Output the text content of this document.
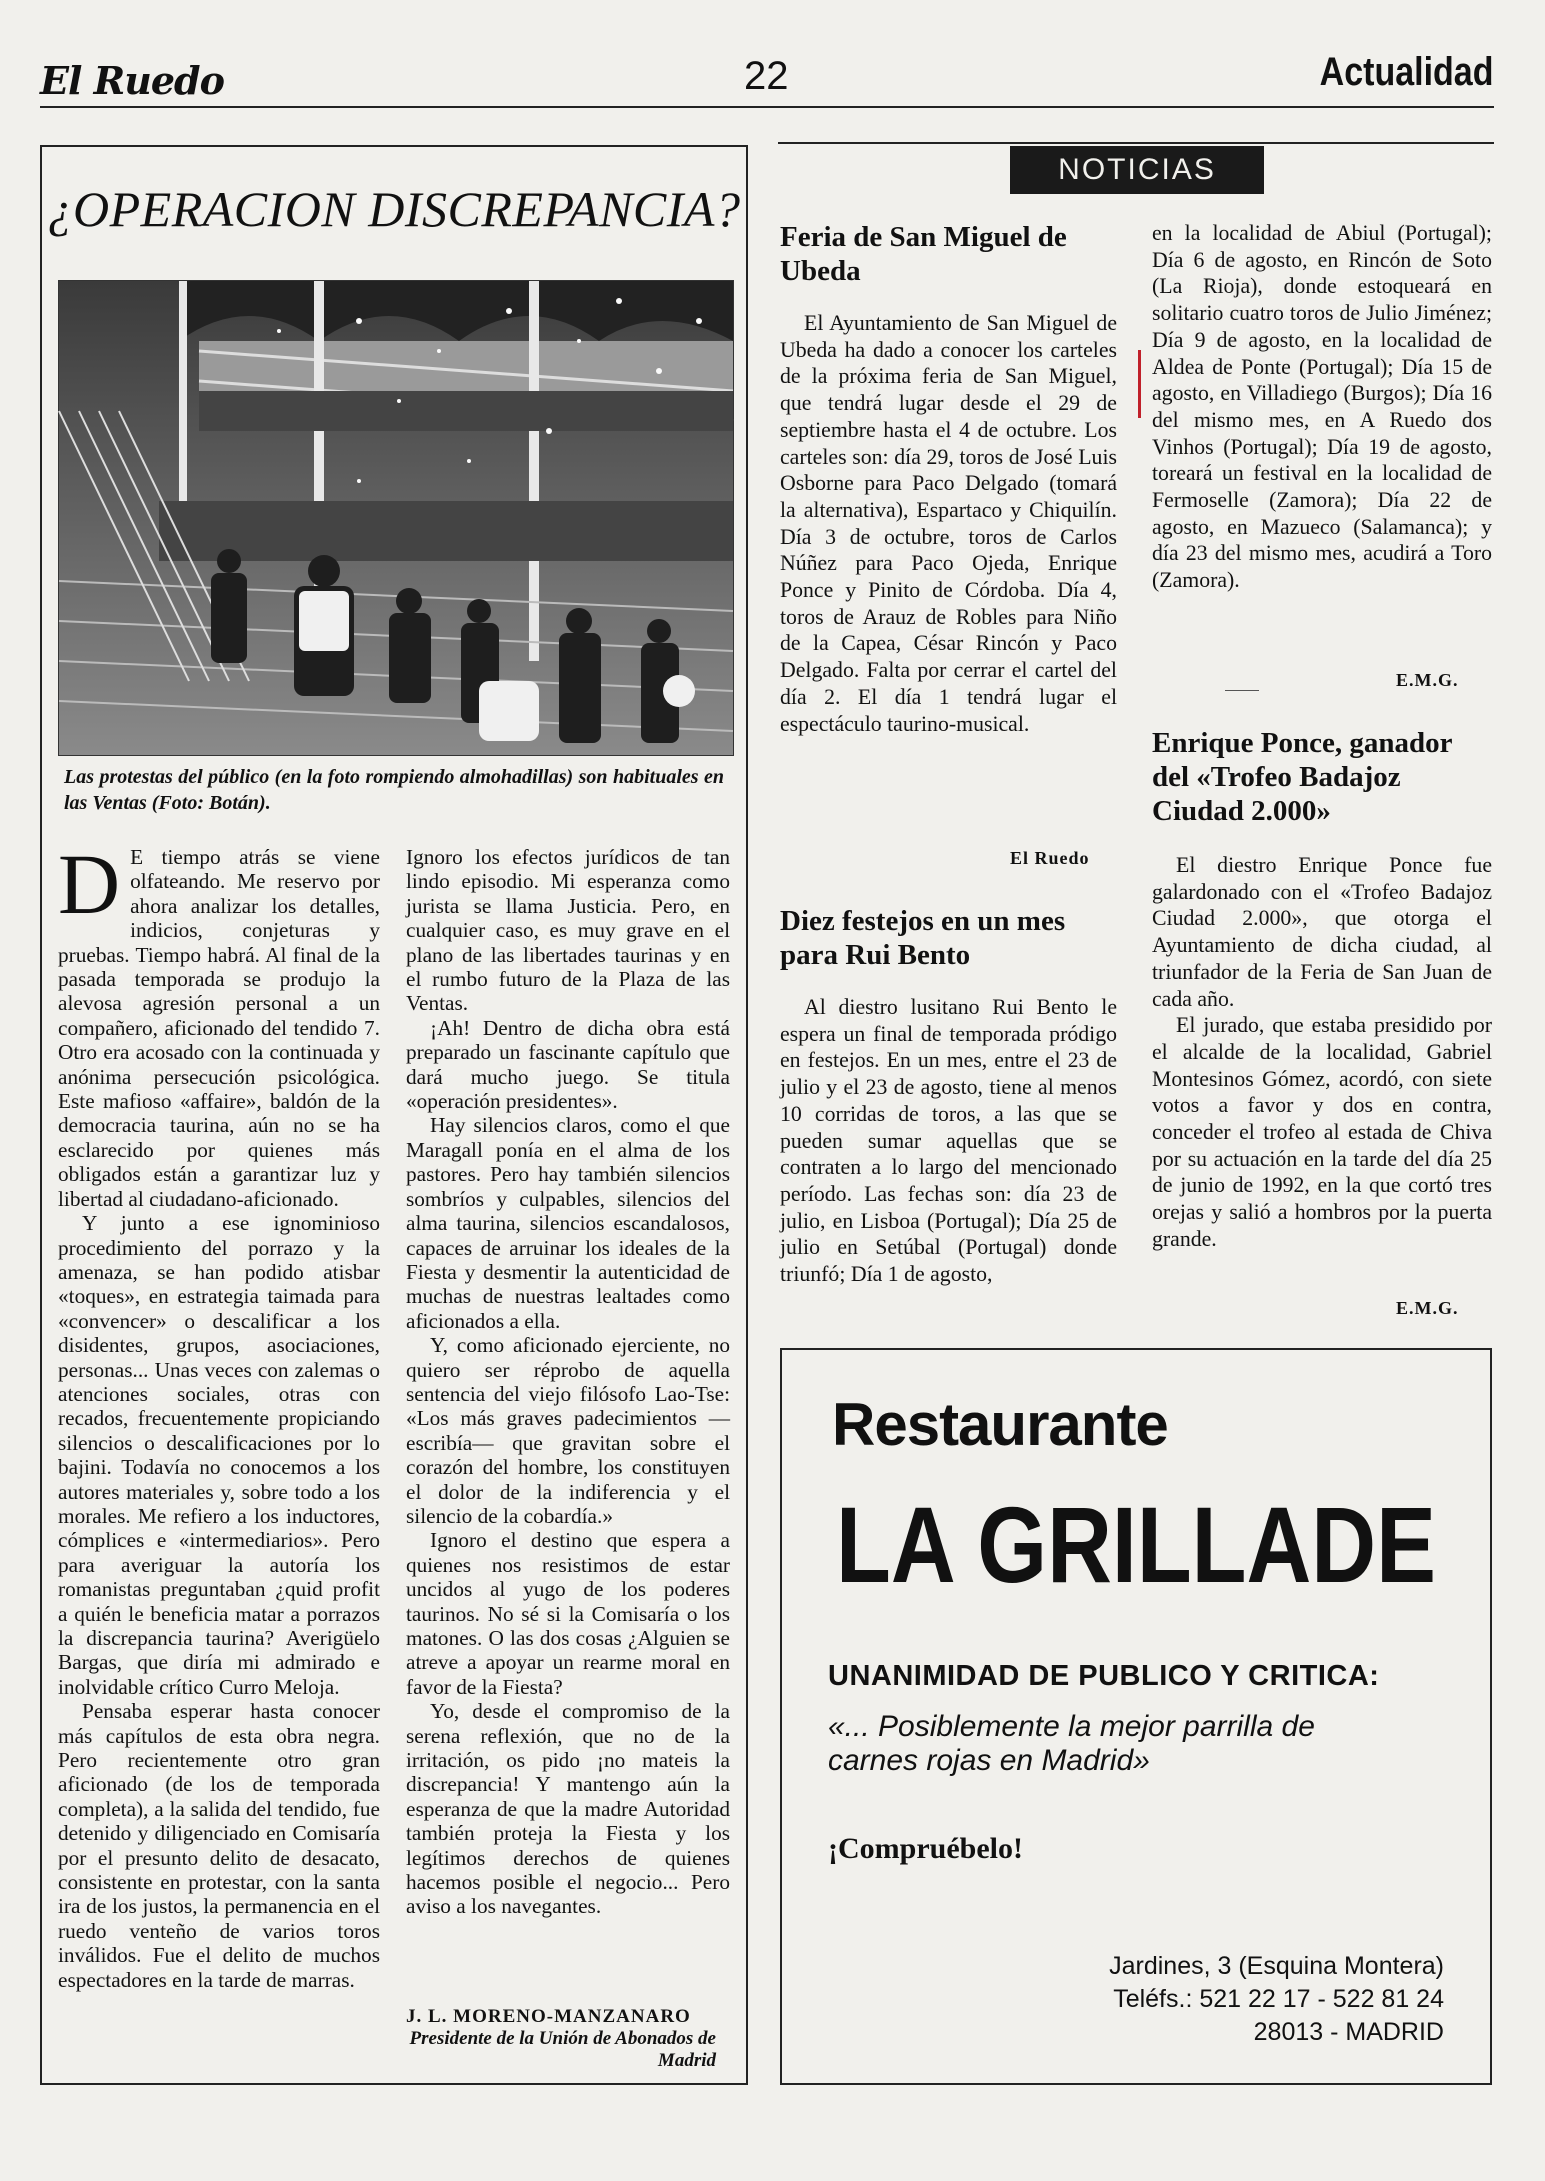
El Ruedo	22	Actualidad
¿OPERACION DISCREPANCIA?
Las protestas del público (en la foto rompiendo almohadillas) son habituales en las Ventas (Foto: Botán).

D E tiempo atrás se viene olfateando. Me reservo por ahora analizar los detalles, indicios, conjeturas y pruebas. Tiempo habrá. Al final de la pasada temporada se produjo la alevosa agresión personal a un compañero, aficionado del tendido 7. Otro era acosado con la continuada y anónima persecución psicológica. Este mafioso «affaire», baldón de la democracia taurina, aún no se ha esclarecido por quienes más obligados están a garantizar luz y libertad al ciudadano-aficionado.

Y junto a ese ignominioso procedimiento del porrazo y la amenaza, se han podido atisbar «toques», en estrategia taimada para «convencer» o descalificar a los disidentes, grupos, asociaciones, personas... Unas veces con zalemas o atenciones sociales, otras con recados, frecuentemente propiciando silencios o descalificaciones por lo bajini. Todavía no conocemos a los autores materiales y, sobre todo a los morales. Me refiero a los inductores, cómplices e «intermediarios». Pero para averiguar la autoría los romanistas preguntaban ¿quid profit a quién le beneficia matar a porrazos la discrepancia taurina? Averigüelo Bargas, que diría mi admirado e inolvidable crítico Curro Meloja.

Pensaba esperar hasta conocer más capítulos de esta obra negra. Pero recientemente otro gran aficionado (de los de temporada completa), a la salida del tendido, fue detenido y diligenciado en Comisaría por el presunto delito de desacato, consistente en protestar, con la santa ira de los justos, la permanencia en el ruedo venteño de varios toros inválidos. Fue el delito de muchos espectadores en la tarde de marras.

Ignoro los efectos jurídicos de tan lindo episodio. Mi esperanza como jurista se llama Justicia. Pero, en cualquier caso, es muy grave en el plano de las libertades taurinas y en el rumbo futuro de la Plaza de las Ventas.

¡Ah! Dentro de dicha obra está preparado un fascinante capítulo que dará mucho juego. Se titula «operación presidentes».

Hay silencios claros, como el que Maragall ponía en el alma de los pastores. Pero hay también silencios sombríos y culpables, silencios del alma taurina, silencios escandalosos, capaces de arruinar los ideales de la Fiesta y desmentir la autenticidad de muchas de nuestras lealtades como aficionados a ella.

Y, como aficionado ejerciente, no quiero ser réprobo de aquella sentencia del viejo filósofo Lao-Tse: «Los más graves padecimientos —escribía— que gravitan sobre el corazón del hombre, los constituyen el dolor de la indiferencia y el silencio de la cobardía.»

Ignoro el destino que espera a quienes nos resistimos de estar uncidos al yugo de los poderes taurinos. No sé si la Comisaría o los matones. O las dos cosas ¿Alguien se atreve a apoyar un rearme moral en favor de la Fiesta?

Yo, desde el compromiso de la serena reflexión, que no de la irritación, os pido ¡no mateis la discrepancia! Y mantengo aún la esperanza de que la madre Autoridad también proteja la Fiesta y los legítimos derechos de quienes hacemos posible el negocio... Pero aviso a los navegantes.

J. L. MORENO-MANZANARO
Presidente de la Unión de Abonados de Madrid
NOTICIAS
Feria de San Miguel de Ubeda

El Ayuntamiento de San Miguel de Ubeda ha dado a conocer los carteles de la próxima feria de San Miguel, que tendrá lugar desde el 29 de septiembre hasta el 4 de octubre. Los carteles son: día 29, toros de José Luis Osborne para Paco Delgado (tomará la alternativa), Espartaco y Chiquilín. Día 3 de octubre, toros de Carlos Núñez para Paco Ojeda, Enrique Ponce y Pinito de Córdoba. Día 4, toros de Arauz de Robles para Niño de la Capea, César Rincón y Paco Delgado. Falta por cerrar el cartel del día 2. El día 1 tendrá lugar el espectáculo taurino-musical.

El Ruedo
Diez festejos en un mes para Rui Bento

Al diestro lusitano Rui Bento le espera un final de temporada pródigo en festejos. En un mes, entre el 23 de julio y el 23 de agosto, tiene al menos 10 corridas de toros, a las que se pueden sumar aquellas que se contraten a lo largo del mencionado período. Las fechas son: día 23 de julio, en Lisboa (Portugal); Día 25 de julio en Setúbal (Portugal) donde triunfó; Día 1 de agosto,

en la localidad de Abiul (Portugal); Día 6 de agosto, en Rincón de Soto (La Rioja), donde estoqueará en solitario cuatro toros de Julio Jiménez; Día 9 de agosto, en la localidad de Aldea de Ponte (Portugal); Día 15 de agosto, en Villadiego (Burgos); Día 16 del mismo mes, en A Ruedo dos Vinhos (Portugal); Día 19 de agosto, toreará un festival en la localidad de Fermoselle (Zamora); Día 22 de agosto, en Mazueco (Salamanca); y día 23 del mismo mes, acudirá a Toro (Zamora).

E.M.G.
Enrique Ponce, ganador del «Trofeo Badajoz Ciudad 2.000»

El diestro Enrique Ponce fue galardonado con el «Trofeo Badajoz Ciudad 2.000», que otorga el Ayuntamiento de dicha ciudad, al triunfador de la Feria de San Juan de cada año.

El jurado, que estaba presidido por el alcalde de la localidad, Gabriel Montesinos Gómez, acordó, con siete votos a favor y dos en contra, conceder el trofeo al estada de Chiva por su actuación en la tarde del día 25 de junio de 1992, en la que cortó tres orejas y salió a hombros por la puerta grande.

E.M.G.
Restaurante
LA GRILLADE
UNANIMIDAD DE PUBLICO Y CRITICA:
«... Posiblemente la mejor parrilla de carnes rojas en Madrid»
¡Compruébelo!
Jardines, 3 (Esquina Montera)
Teléfs.: 521 22 17 - 522 81 24
28013 - MADRID
